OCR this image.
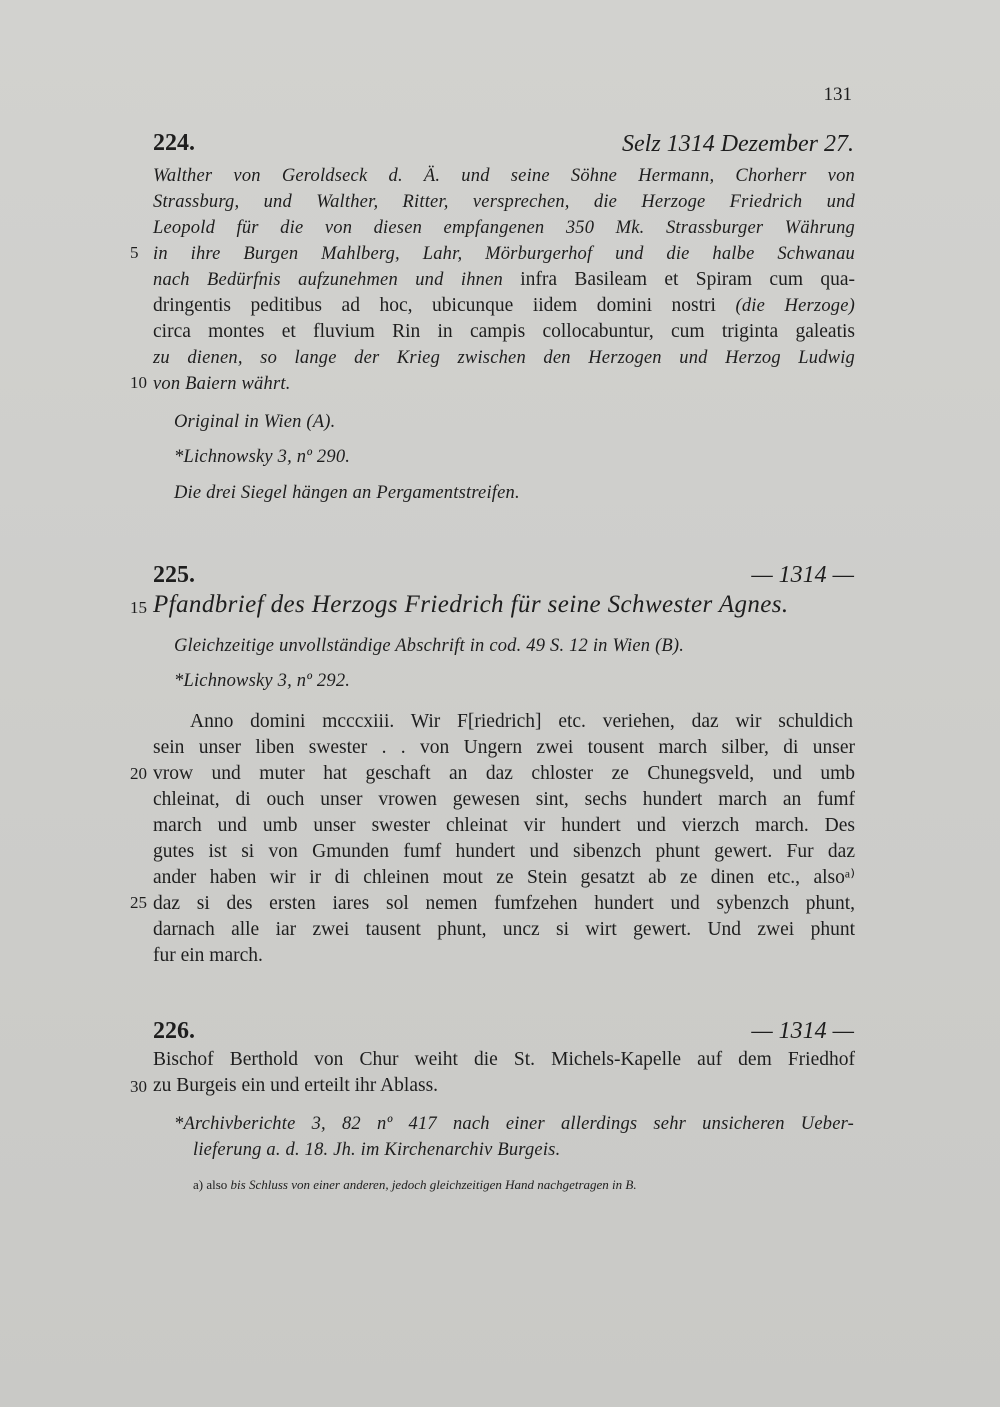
131
224.	Selz 1314 Dezember 27.
Walther von Geroldseck d. Ä. und seine Söhne Hermann, Chorherr von
Strassburg, und Walther, Ritter, versprechen, die Herzoge Friedrich und
Leopold für die von diesen empfangenen 350 Mk. Strassburger Währung
5 in ihre Burgen Mahlberg, Lahr, Mörburgerhof und die halbe Schwanau
nach Bedürfnis aufzunehmen und ihnen infra Basileam et Spiram cum qua-
dringentis peditibus ad hoc, ubicunque iidem domini nostri (die Herzoge)
circa montes et fluvium Rin in campis collocabuntur, cum triginta galeatis
zu dienen, so lange der Krieg zwischen den Herzogen und Herzog Ludwig
10 von Baiern währt.
Original in Wien (A).
*Lichnowsky 3, nº 290.
Die drei Siegel hängen an Pergamentstreifen.
225.	— 1314 —
15 Pfandbrief des Herzogs Friedrich für seine Schwester Agnes.
Gleichzeitige unvollständige Abschrift in cod. 49 S. 12 in Wien (B).
*Lichnowsky 3, nº 292.
Anno domini mcccxiii. Wir F[riedrich] etc. veriehen, daz wir schuldich
sein unser liben swester . . von Ungern zwei tousent march silber, di unser
20 vrow und muter hat geschaft an daz chloster ze Chunegsveld, und umb
chleinat, di ouch unser vrowen gewesen sint, sechs hundert march an fumf
march und umb unser swester chleinat vir hundert und vierzch march. Des
gutes ist si von Gmunden fumf hundert und sibenzch phunt gewert. Fur daz
ander haben wir ir di chleinen mout ze Stein gesatzt ab ze dinen etc., alsoᵃ⁾
25 daz si des ersten iares sol nemen fumfzehen hundert und sybenzch phunt,
darnach alle iar zwei tausent phunt, uncz si wirt gewert. Und zwei phunt
fur ein march.
226.	— 1314 —
Bischof Berthold von Chur weiht die St. Michels-Kapelle auf dem Friedhof
30 zu Burgeis ein und erteilt ihr Ablass.
*Archivberichte 3, 82 nº 417 nach einer allerdings sehr unsicheren Ueber-
lieferung a. d. 18. Jh. im Kirchenarchiv Burgeis.
a) also bis Schluss von einer anderen, jedoch gleichzeitigen Hand nachgetragen in B.
